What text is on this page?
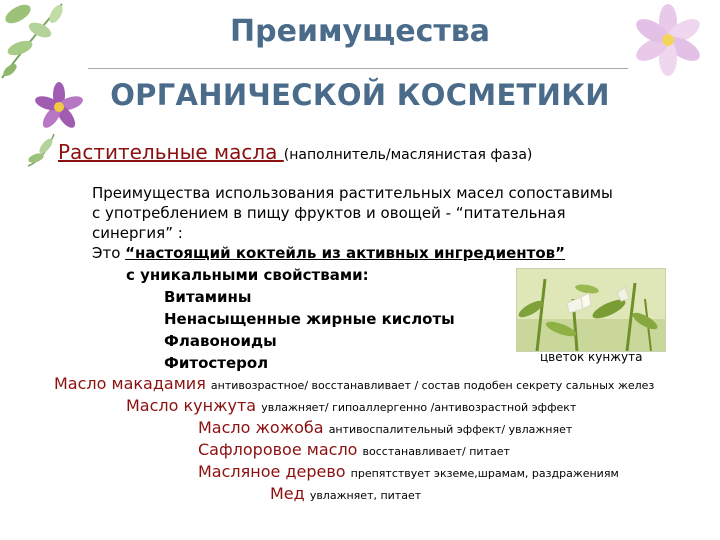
Преимущества
ОРГАНИЧЕСКОЙ КОСМЕТИКИ
Растительные масла (наполнитель/маслянистая фаза)
Преимущества использования растительных масел сопоставимы
с употреблением в пищу фруктов и овощей - “питательная
синергия” :
Это “настоящий коктейль из активных ингредиентов”
с уникальными свойствами:
Витамины
Ненасыщенные жирные кислоты
Флавоноиды
Фитостерол	цветок кунжута
Масло макадамия антивозрастное/ восстанавливает / состав подобен секрету сальных желез
Масло кунжута увлажняет/ гипоаллергенно /антивозрастной эффект
Масло жожоба антивоспалительный эффект/ увлажняет
Сафлоровое масло восстанавливает/ питает
Масляное дерево препятствует экземе,шрамам, раздражениям
Мед увлажняет, питает
